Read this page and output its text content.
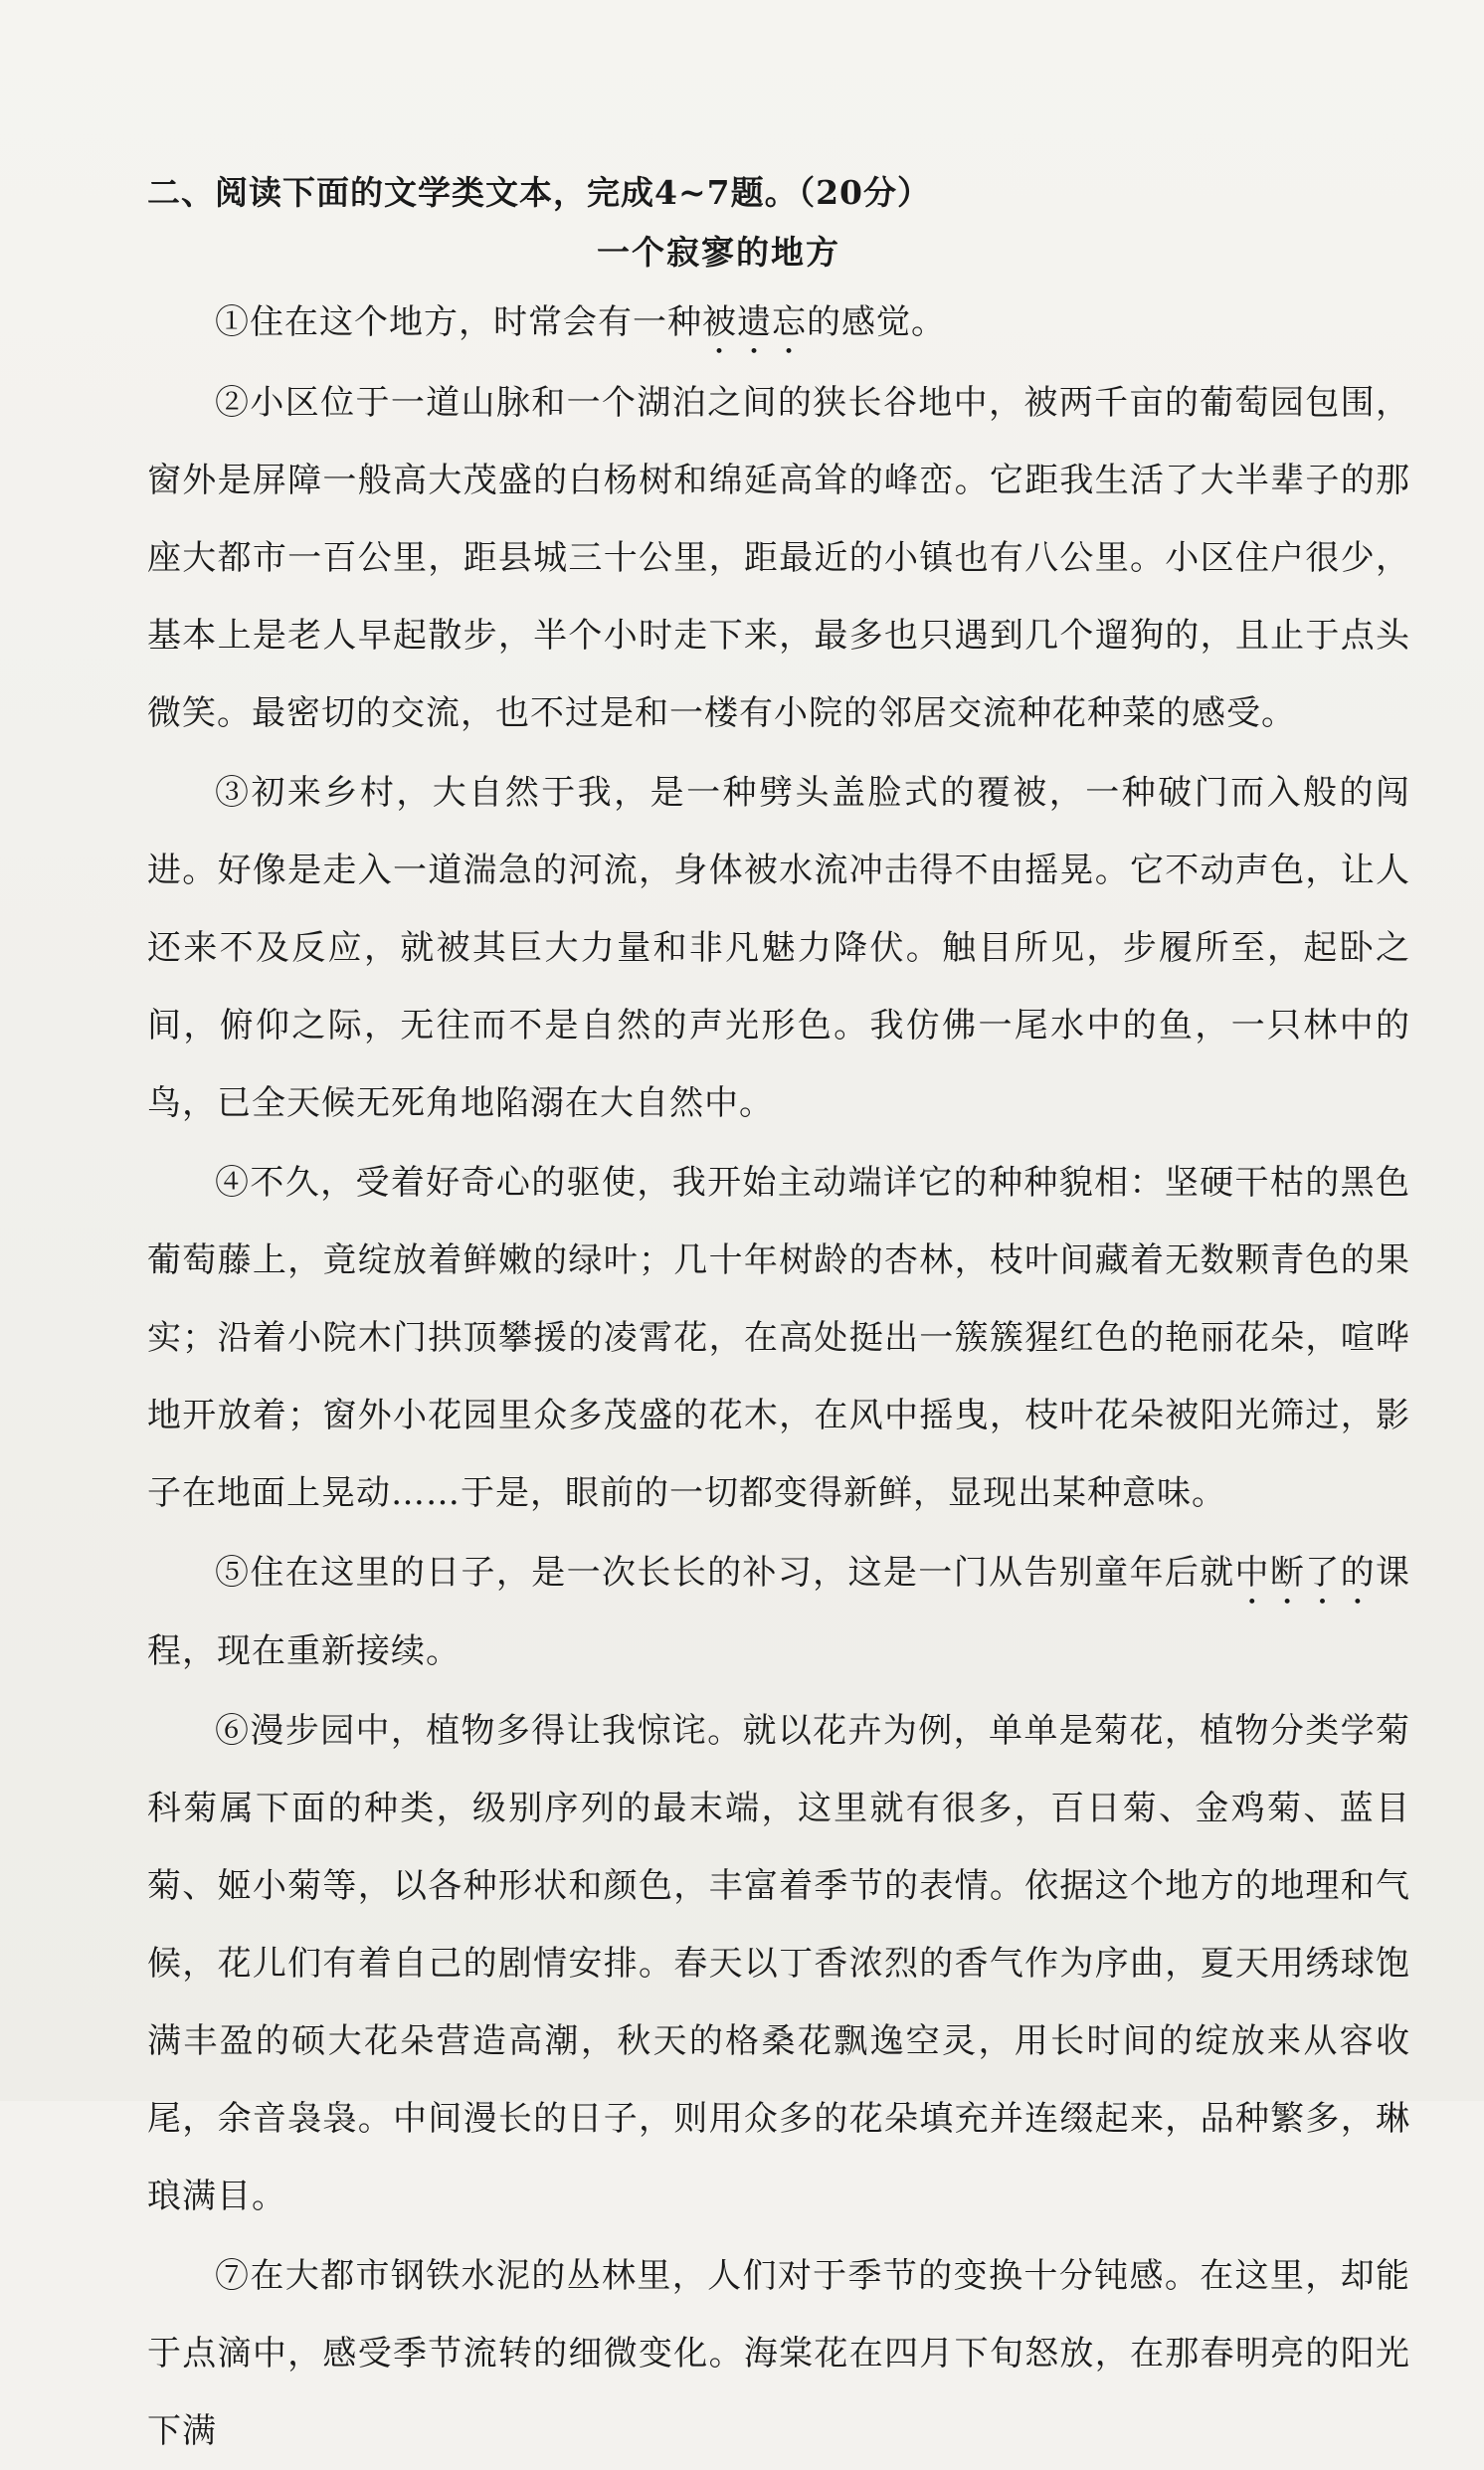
二、阅读下面的文学类文本，完成4~7题。（20分）
一个寂寥的地方

①住在这个地方，时常会有一种被遗忘的感觉。

②小区位于一道山脉和一个湖泊之间的狭长谷地中，被两千亩的葡萄园包围，窗外是屏障一般高大茂盛的白杨树和绵延高耸的峰峦。它距我生活了大半辈子的那座大都市一百公里，距县城三十公里，距最近的小镇也有八公里。小区住户很少，基本上是老人早起散步，半个小时走下来，最多也只遇到几个遛狗的，且止于点头微笑。最密切的交流，也不过是和一楼有小院的邻居交流种花种菜的感受。

③初来乡村，大自然于我，是一种劈头盖脸式的覆被，一种破门而入般的闯进。好像是走入一道湍急的河流，身体被水流冲击得不由摇晃。它不动声色，让人还来不及反应，就被其巨大力量和非凡魅力降伏。触目所见，步履所至，起卧之间，俯仰之际，无往而不是自然的声光形色。我仿佛一尾水中的鱼，一只林中的鸟，已全天候无死角地陷溺在大自然中。

④不久，受着好奇心的驱使，我开始主动端详它的种种貌相：坚硬干枯的黑色葡萄藤上，竟绽放着鲜嫩的绿叶；几十年树龄的杏林，枝叶间藏着无数颗青色的果实；沿着小院木门拱顶攀援的凌霄花，在高处挺出一簇簇猩红色的艳丽花朵，喧哗地开放着；窗外小花园里众多茂盛的花木，在风中摇曳，枝叶花朵被阳光筛过，影子在地面上晃动……于是，眼前的一切都变得新鲜，显现出某种意味。

⑤住在这里的日子，是一次长长的补习，这是一门从告别童年后就中断了的课程，现在重新接续。

⑥漫步园中，植物多得让我惊诧。就以花卉为例，单单是菊花，植物分类学菊科菊属下面的种类，级别序列的最末端，这里就有很多，百日菊、金鸡菊、蓝目菊、姬小菊等，以各种形状和颜色，丰富着季节的表情。依据这个地方的地理和气候，花儿们有着自己的剧情安排。春天以丁香浓烈的香气作为序曲，夏天用绣球饱满丰盈的硕大花朵营造高潮，秋天的格桑花飘逸空灵，用长时间的绽放来从容收尾，余音袅袅。中间漫长的日子，则用众多的花朵填充并连缀起来，品种繁多，琳琅满目。

⑦在大都市钢铁水泥的丛林里，人们对于季节的变换十分钝感。在这里，却能于点滴中，感受季节流转的细微变化。海棠花在四月下旬怒放，在那春明亮的阳光下满
